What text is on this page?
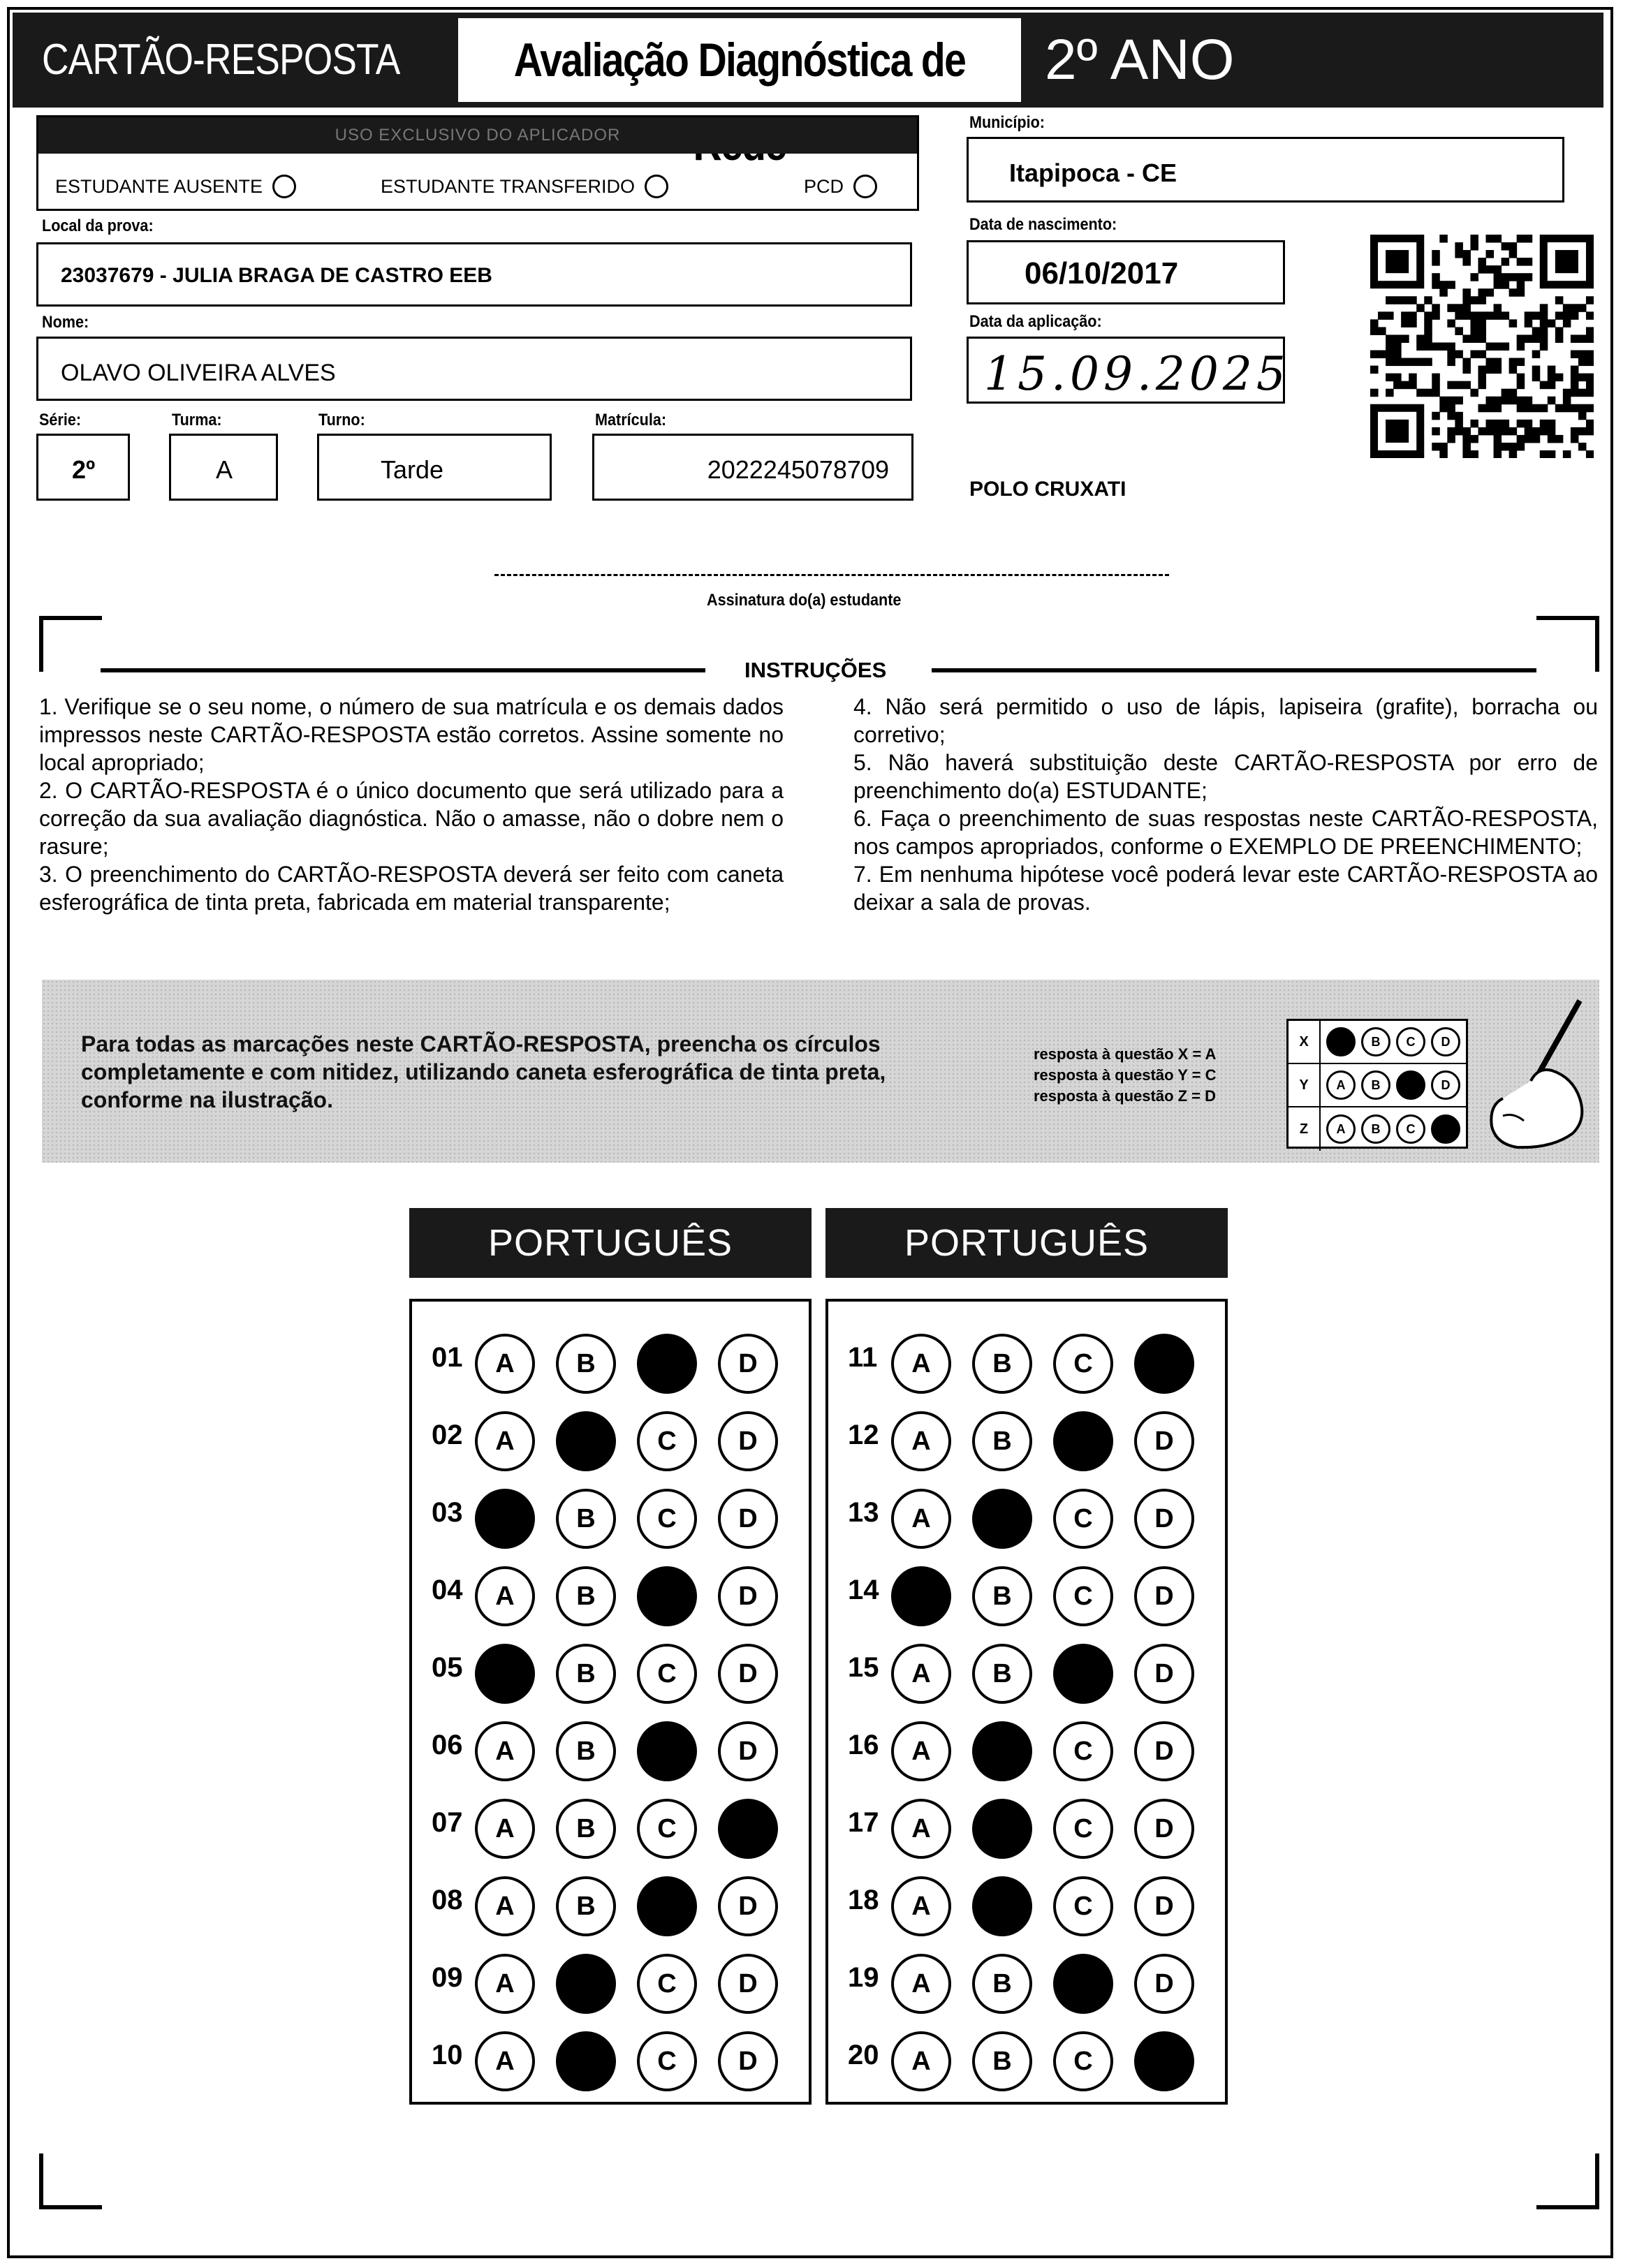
CARTÃO-RESPOSTA	Avaliação Diagnóstica de	2º ANO
USO EXCLUSIVO DO APLICADOR
ESTUDANTE AUSENTE	ESTUDANTE TRANSFERIDO	PCD
Local da prova:
23037679 - JULIA BRAGA DE CASTRO EEB
Nome:
OLAVO OLIVEIRA ALVES
Série:
2º
Turma:
A
Turno:
Tarde
Matrícula:
2022245078709
Município:
Itapipoca - CE
Data de nascimento:
06/10/2017
Data da aplicação:
15.09.2025
POLO CRUXATI
Assinatura do(a) estudante
INSTRUÇÕES

1. Verifique se o seu nome, o número de sua matrícula e os demais dados impressos neste CARTÃO-RESPOSTA estão corretos. Assine somente no local apropriado;

2. O CARTÃO-RESPOSTA é o único documento que será utilizado para a correção da sua avaliação diagnóstica. Não o amasse, não o dobre nem o rasure;

3. O preenchimento do CARTÃO-RESPOSTA deverá ser feito com caneta esferográfica de tinta preta, fabricada em material transparente;

4. Não será permitido o uso de lápis, lapiseira (grafite), borracha ou corretivo;

5. Não haverá substituição deste CARTÃO-RESPOSTA por erro de preenchimento do(a) ESTUDANTE;

6. Faça o preenchimento de suas respostas neste CARTÃO-RESPOSTA, nos campos apropriados, conforme o EXEMPLO DE PREENCHIMENTO;

7. Em nenhuma hipótese você poderá levar este CARTÃO-RESPOSTA ao deixar a sala de provas.

Para todas as marcações neste CARTÃO-RESPOSTA, preencha os círculos completamente e com nitidez, utilizando caneta esferográfica de tinta preta, conforme na ilustração.
resposta à questão X = A
resposta à questão Y = C
resposta à questão Z = D
X	B	C	D
Y	A	B	D
Z	A	B	C
PORTUGUÊS	PORTUGUÊS
01 A B	D
02 A	C D
03	B C D
04 A B	D
05	B C D
06 A B	D
07 A B C
08 A B	D
09 A	C D
10 A	C D
11 A B C
12 A B	D
13 A	C D
14	B C D
15 A B	D
16 A	C D
17 A	C D
18 A	C D
19 A B	D
20 A B C
